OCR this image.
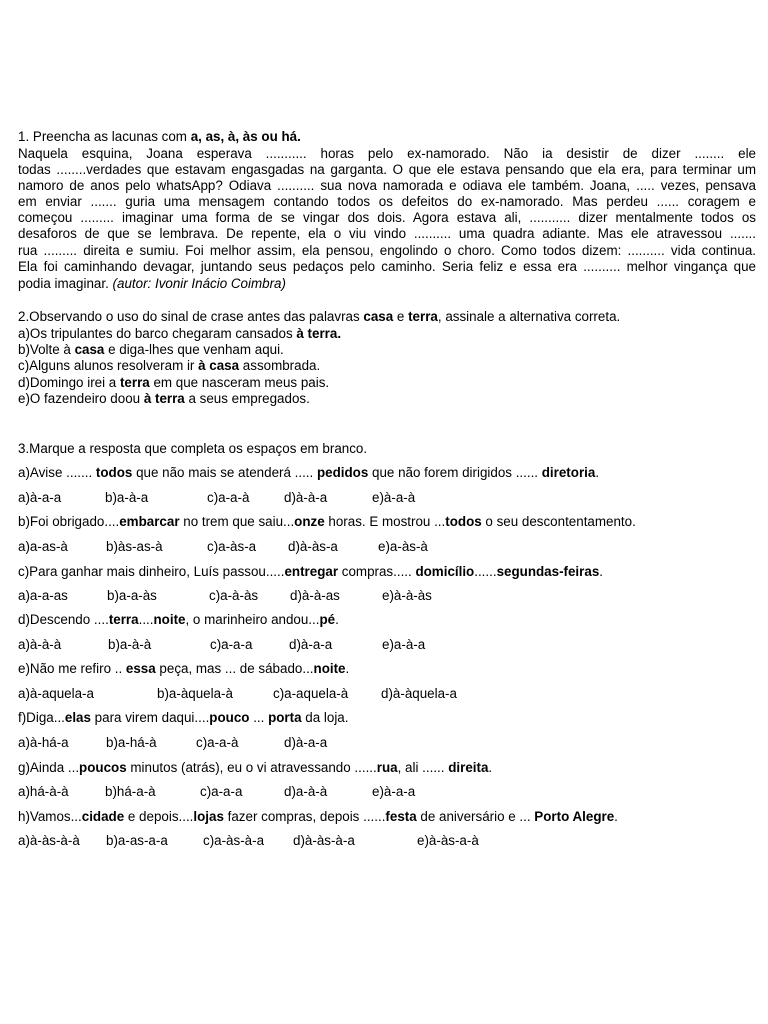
1. Preencha as lacunas com a, as, à, às ou há.
Naquela esquina, Joana esperava ........... horas pelo ex-namorado. Não ia desistir de dizer ........ ele
todas ........verdades que estavam engasgadas na garganta. O que ele estava pensando que ela era, para terminar um
namoro de anos pelo whatsApp? Odiava .......... sua nova namorada e odiava ele também. Joana, ..... vezes, pensava
em enviar ....... guria uma mensagem contando todos os defeitos do ex-namorado. Mas perdeu ...... coragem e
começou ......... imaginar uma forma de se vingar dos dois. Agora estava ali, ........... dizer mentalmente todos os
desaforos de que se lembrava. De repente, ela o viu vindo .......... uma quadra adiante. Mas ele atravessou .......
rua ......... direita e sumiu. Foi melhor assim, ela pensou, engolindo o choro. Como todos dizem: .......... vida continua.
Ela foi caminhando devagar, juntando seus pedaços pelo caminho. Seria feliz e essa era .......... melhor vingança que
podia imaginar. (autor: Ivonir Inácio Coimbra)
2.Observando o uso do sinal de crase antes das palavras casa e terra, assinale a alternativa correta.
a)Os tripulantes do barco chegaram cansados à terra.
b)Volte à casa e diga-lhes que venham aqui.
c)Alguns alunos resolveram ir à casa assombrada.
d)Domingo irei a terra em que nasceram meus pais.
e)O fazendeiro doou à terra a seus empregados.
3.Marque a resposta que completa os espaços em branco.
a)Avise ....... todos que não mais se atenderá ..... pedidos que não forem dirigidos ...... diretoria.
a)à-a-a	b)a-à-a	c)a-a-à	d)à-à-a	e)à-a-à
b)Foi obrigado....embarcar no trem que saiu...onze horas. E mostrou ...todos o seu descontentamento.
a)a-as-à	b)às-as-à	c)a-às-a d)à-às-a	e)a-às-à
c)Para ganhar mais dinheiro, Luís passou.....entregar compras..... domicílio......segundas-feiras.
a)a-a-as	b)a-a-às	c)a-à-às d)à-à-as	e)à-à-às
d)Descendo ....terra....noite, o marinheiro andou...pé.
a)à-à-à	b)a-à-à	c)a-a-a	d)à-a-a	e)a-à-a
e)Não me refiro .. essa peça, mas ... de sábado...noite.
a)à-aquela-a	b)a-àquela-à	c)a-aquela-à d)à-àquela-a
f)Diga...elas para virem daqui....pouco ... porta da loja.
a)à-há-a	b)a-há-à	c)a-a-à	d)à-a-a
g)Ainda ...poucos minutos (atrás), eu o vi atravessando ......rua, ali ...... direita.
a)há-à-à	b)há-a-à	c)a-a-a	d)a-à-à	e)à-a-a
h)Vamos...cidade e depois....lojas fazer compras, depois ......festa de aniversário e ... Porto Alegre.
a)à-às-à-à b)a-as-a-a	c)a-às-à-a d)à-às-à-a	e)à-às-a-à
